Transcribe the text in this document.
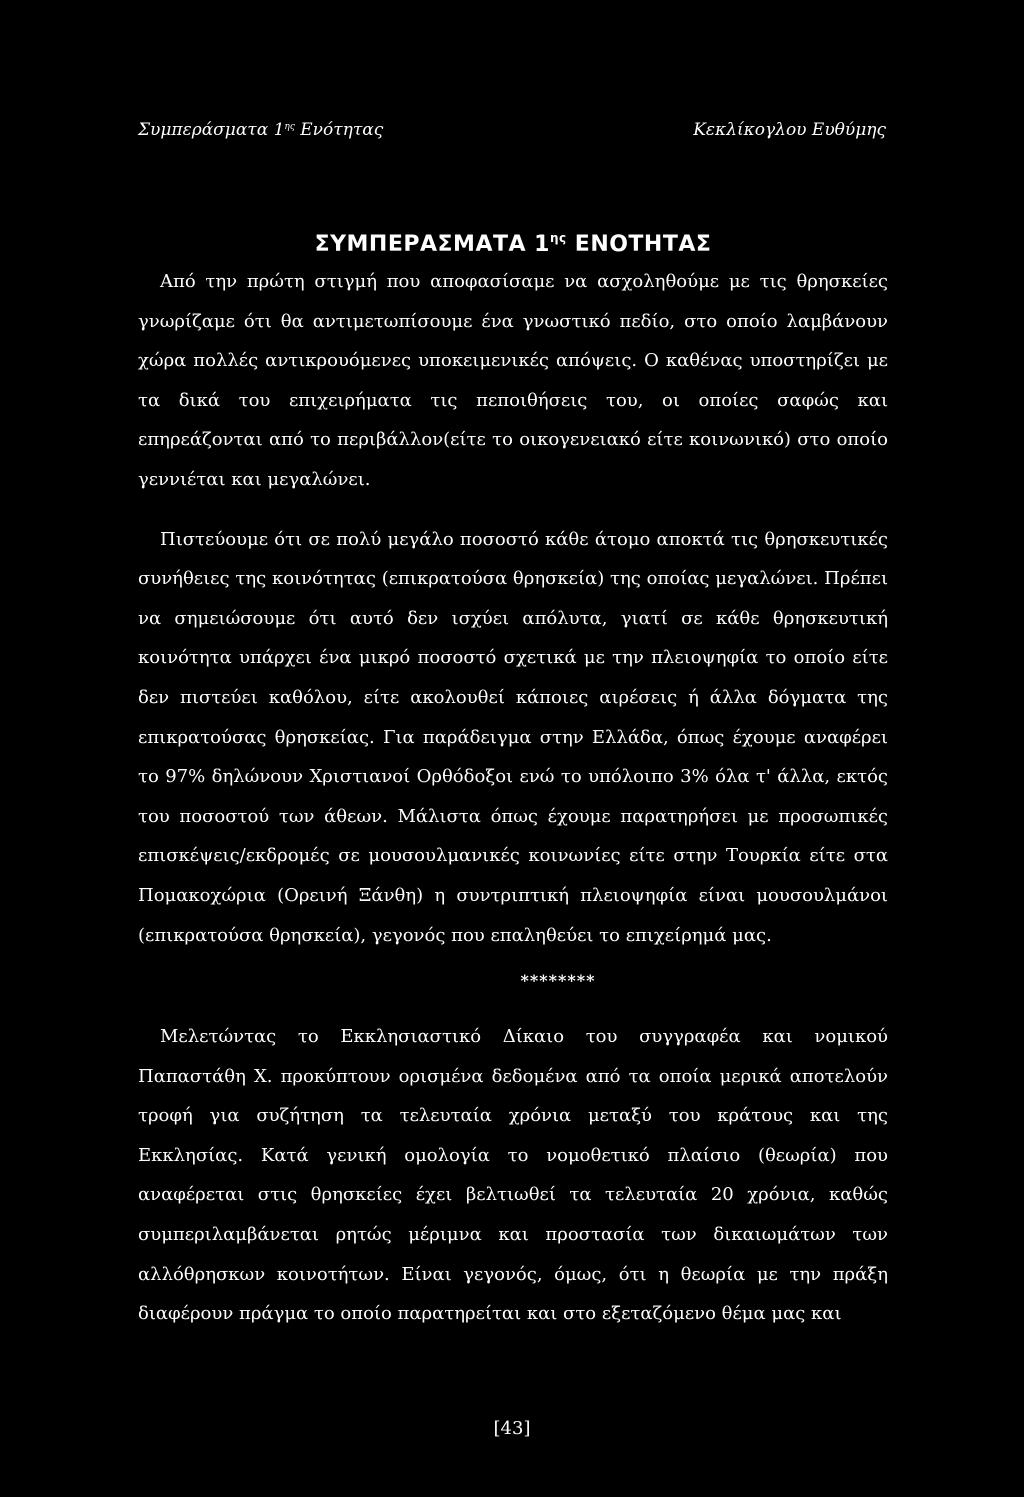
Συμπεράσματα $1^{\eta\varsigma}$ Ενότητας	Κεκλίκογλου Ευθύμης
ΣΥΜΠΕΡΑΣΜΑΤΑ $1^{\eta\varsigma}$ ΕΝΟΤΗΤΑΣ

Από την πρώτη στιγμή που αποφασίσαμε να ασχοληθούμε με τις θρησκείες γνωρίζαμε ότι θα αντιμετωπίσουμε ένα γνωστικό πεδίο, στο οποίο λαμβάνουν χώρα πολλές αντικρουόμενες υποκειμενικές απόψεις. Ο καθένας υποστηρίζει με τα δικά του επιχειρήματα τις πεποιθήσεις του, οι οποίες σαφώς και επηρεάζονται από το περιβάλλον(είτε το οικογενειακό είτε κοινωνικό) στο οποίο γεννιέται και μεγαλώνει.

Πιστεύουμε ότι σε πολύ μεγάλο ποσοστό κάθε άτομο αποκτά τις θρησκευτικές συνήθειες της κοινότητας (επικρατούσα θρησκεία) της οποίας μεγαλώνει. Πρέπει να σημειώσουμε ότι αυτό δεν ισχύει απόλυτα, γιατί σε κάθε θρησκευτική κοινότητα υπάρχει ένα μικρό ποσοστό σχετικά με την πλειοψηφία το οποίο είτε δεν πιστεύει καθόλου, είτε ακολουθεί κάποιες αιρέσεις ή άλλα δόγματα της επικρατούσας θρησκείας. Για παράδειγμα στην Ελλάδα, όπως έχουμε αναφέρει το 97% δηλώνουν Χριστιανοί Ορθόδοξοι ενώ το υπόλοιπο 3% όλα τ' άλλα, εκτός του ποσοστού των άθεων. Μάλιστα όπως έχουμε παρατηρήσει με προσωπικές επισκέψεις/εκδρομές σε μουσουλμανικές κοινωνίες είτε στην Τουρκία είτε στα Πομακοχώρια (Ορεινή Ξάνθη) η συντριπτική πλειοψηφία είναι μουσουλμάνοι (επικρατούσα θρησκεία), γεγονός που επαληθεύει το επιχείρημά μας.

********

Μελετώντας το Εκκλησιαστικό Δίκαιο του συγγραφέα και νομικού Παπαστάθη Χ. προκύπτουν ορισμένα δεδομένα από τα οποία μερικά αποτελούν τροφή για συζήτηση τα τελευταία χρόνια μεταξύ του κράτους και της Εκκλησίας. Κατά γενική ομολογία το νομοθετικό πλαίσιο (θεωρία) που αναφέρεται στις θρησκείες έχει βελτιωθεί τα τελευταία 20 χρόνια, καθώς συμπεριλαμβάνεται ρητώς μέριμνα και προστασία των δικαιωμάτων των αλλόθρησκων κοινοτήτων. Είναι γεγονός, όμως, ότι η θεωρία με την πράξη διαφέρουν πράγμα το οποίο παρατηρείται και στο εξεταζόμενο θέμα μας και

[43]
